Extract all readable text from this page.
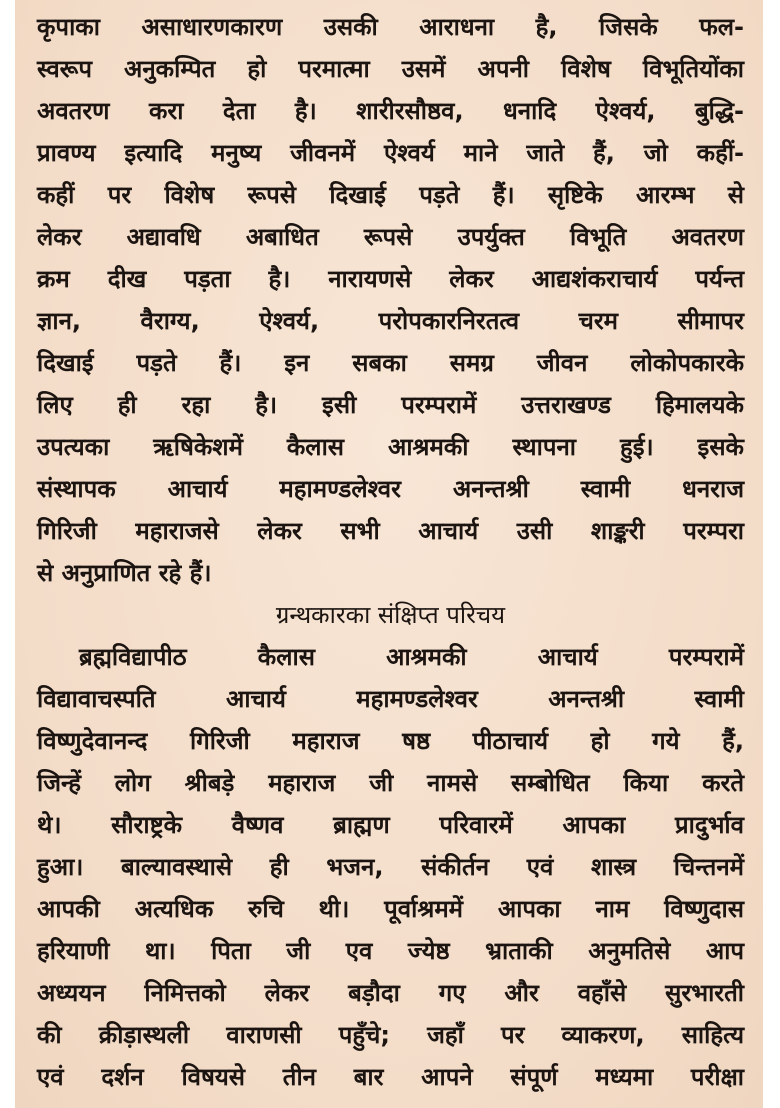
कृपाका असाधारणकारण उसकी आराधना है, जिसके फल-
स्वरूप अनुकम्पित हो परमात्मा उसमें अपनी विशेष विभूतियोंका
अवतरण करा देता है। शारीरसौष्ठव, धनादि ऐश्वर्य, बुद्धि-
प्रावण्य इत्यादि मनुष्य जीवनमें ऐश्वर्य माने जाते हैं, जो कहीं-
कहीं पर विशेष रूपसे दिखाई पड़ते हैं। सृष्टिके आरम्भ से
लेकर अद्यावधि अबाधित रूपसे उपर्युक्त विभूति अवतरण
क्रम दीख पड़ता है। नारायणसे लेकर आद्यशंकराचार्य पर्यन्त
ज्ञान, वैराग्य, ऐश्वर्य, परोपकारनिरतत्व चरम सीमापर
दिखाई पड़ते हैं। इन सबका समग्र जीवन लोकोपकारके
लिए ही रहा है। इसी परम्परामें उत्तराखण्ड हिमालयके
उपत्यका ऋषिकेशमें कैलास आश्रमकी स्थापना हुई। इसके
संस्थापक आचार्य महामण्डलेश्वर अनन्तश्री स्वामी धनराज
गिरिजी महाराजसे लेकर सभी आचार्य उसी शाङ्करी परम्परा
से अनुप्राणित रहे हैं।
ग्रन्थकारका संक्षिप्त परिचय
ब्रह्मविद्यापीठ कैलास आश्रमकी आचार्य परम्परामें
विद्यावाचस्पति आचार्य महामण्डलेश्वर अनन्तश्री स्वामी
विष्णुदेवानन्द गिरिजी महाराज षष्ठ पीठाचार्य हो गये हैं,
जिन्हें लोग श्रीबड़े महाराज जी नामसे सम्बोधित किया करते
थे। सौराष्ट्रके वैष्णव ब्राह्मण परिवारमें आपका प्रादुर्भाव
हुआ। बाल्यावस्थासे ही भजन, संकीर्तन एवं शास्त्र चिन्तनमें
आपकी अत्यधिक रुचि थी। पूर्वाश्रममें आपका नाम विष्णुदास
हरियाणी था। पिता जी एव ज्येष्ठ भ्राताकी अनुमतिसे आप
अध्ययन निमित्तको लेकर बड़ौदा गए और वहाँसे सुरभारती
की क्रीड़ास्थली वाराणसी पहुँचे; जहाँ पर व्याकरण, साहित्य
एवं दर्शन विषयसे तीन बार आपने संपूर्ण मध्यमा परीक्षा
